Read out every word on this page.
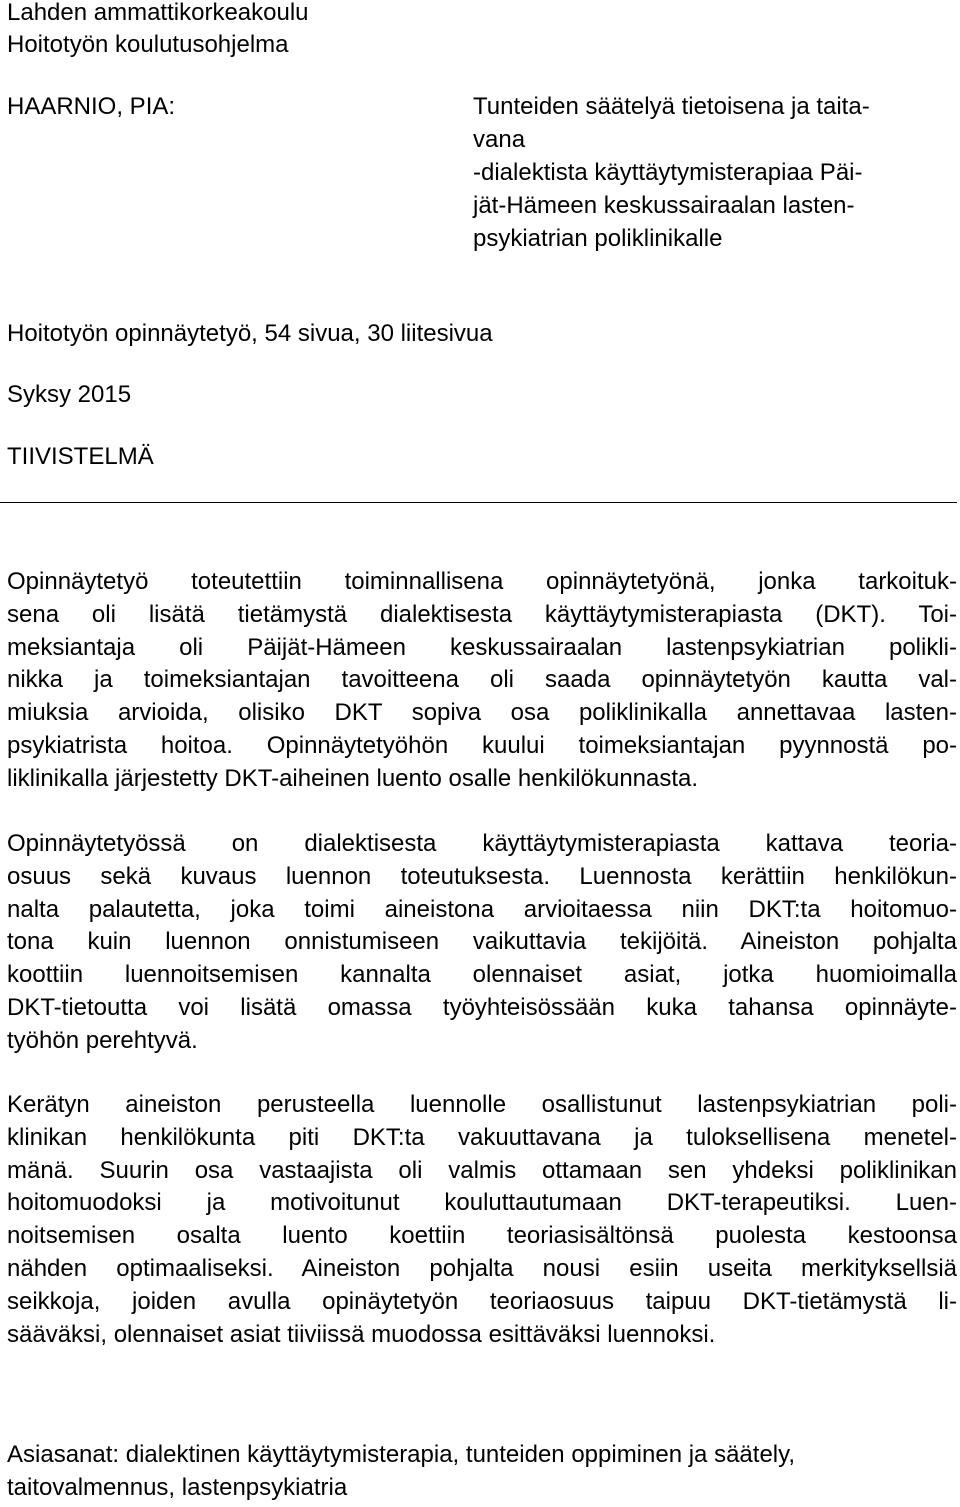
Lahden ammattikorkeakoulu
Hoitotyön koulutusohjelma
HAARNIO, PIA:	Tunteiden säätelyä tietoisena ja taita-
vana
-dialektista käyttäytymisterapiaa Päi-
jät-Hämeen keskussairaalan lasten-
psykiatrian poliklinikalle
Hoitotyön opinnäytetyö, 54 sivua, 30 liitesivua
Syksy 2015
TIIVISTELMÄ
Opinnäytetyö toteutettiin toiminnallisena opinnäytetyönä, jonka tarkoituk-
sena oli lisätä tietämystä dialektisesta käyttäytymisterapiasta (DKT). Toi-
meksiantaja oli Päijät-Hämeen keskussairaalan lastenpsykiatrian polikli-
nikka ja toimeksiantajan tavoitteena oli saada opinnäytetyön kautta val-
miuksia arvioida, olisiko DKT sopiva osa poliklinikalla annettavaa lasten-
psykiatrista hoitoa. Opinnäytetyöhön kuului toimeksiantajan pyynnostä po-
liklinikalla järjestetty DKT-aiheinen luento osalle henkilökunnasta.
Opinnäytetyössä on dialektisesta käyttäytymisterapiasta kattava teoria-
osuus sekä kuvaus luennon toteutuksesta. Luennosta kerättiin henkilökun-
nalta palautetta, joka toimi aineistona arvioitaessa niin DKT:ta hoitomuo-
tona kuin luennon onnistumiseen vaikuttavia tekijöitä. Aineiston pohjalta
koottiin luennoitsemisen kannalta olennaiset asiat, jotka huomioimalla
DKT-tietoutta voi lisätä omassa työyhteisössään kuka tahansa opinnäyte-
työhön perehtyvä.
Kerätyn aineiston perusteella luennolle osallistunut lastenpsykiatrian poli-
klinikan henkilökunta piti DKT:ta vakuuttavana ja tuloksellisena menetel-
mänä. Suurin osa vastaajista oli valmis ottamaan sen yhdeksi poliklinikan
hoitomuodoksi ja motivoitunut kouluttautumaan DKT-terapeutiksi. Luen-
noitsemisen osalta luento koettiin teoriasisältönsä puolesta kestoonsa
nähden optimaaliseksi. Aineiston pohjalta nousi esiin useita merkityksellsiä
seikkoja, joiden avulla opinäytetyön teoriaosuus taipuu DKT-tietämystä li-
sääväksi, olennaiset asiat tiiviissä muodossa esittäväksi luennoksi.
Asiasanat: dialektinen käyttäytymisterapia, tunteiden oppiminen ja säätely,
taitovalmennus, lastenpsykiatria
